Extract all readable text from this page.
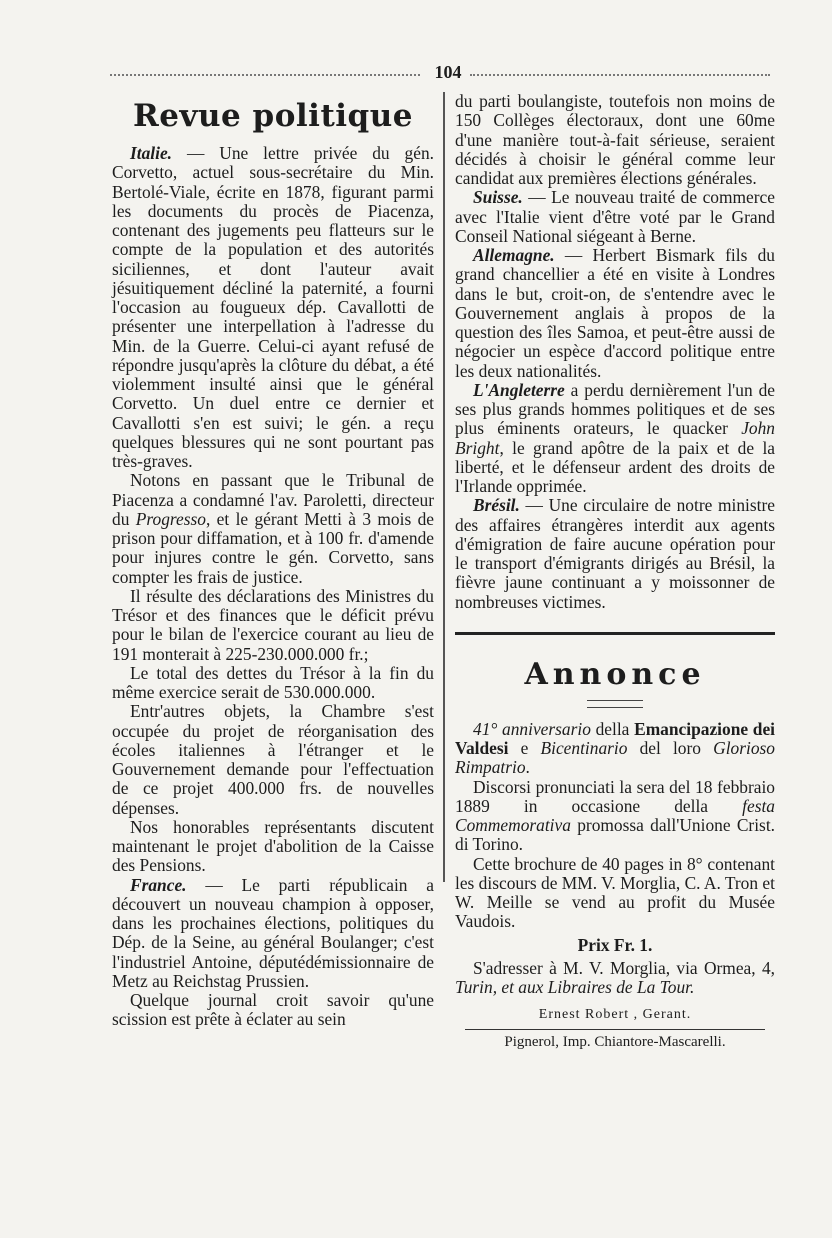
104
Revue politique

Italie. — Une lettre privée du gén. Corvetto, actuel sous-secrétaire du Min. Bertolé-Viale, écrite en 1878, figurant parmi les documents du procès de Piacenza, contenant des jugements peu flatteurs sur le compte de la population et des autorités siciliennes, et dont l'auteur avait jésuitiquement décliné la paternité, a fourni l'occasion au fougueux dép. Cavallotti de présenter une interpellation à l'adresse du Min. de la Guerre. Celui-ci ayant refusé de répondre jusqu'après la clôture du débat, a été violemment insulté ainsi que le général Corvetto. Un duel entre ce dernier et Cavallotti s'en est suivi; le gén. a reçu quelques blessures qui ne sont pourtant pas très-graves.

Notons en passant que le Tribunal de Piacenza a condamné l'av. Paroletti, directeur du Progresso, et le gérant Metti à 3 mois de prison pour diffamation, et à 100 fr. d'amende pour injures contre le gén. Corvetto, sans compter les frais de justice.

Il résulte des déclarations des Ministres du Trésor et des finances que le déficit prévu pour le bilan de l'exercice courant au lieu de 191 monterait à 225-230.000.000 fr.;

Le total des dettes du Trésor à la fin du même exercice serait de 530.000.000.

Entr'autres objets, la Chambre s'est occupée du projet de réorganisation des écoles italiennes à l'étranger et le Gouvernement demande pour l'effectuation de ce projet 400.000 frs. de nouvelles dépenses.

Nos honorables représentants discutent maintenant le projet d'abolition de la Caisse des Pensions.

France. — Le parti républicain a découvert un nouveau champion à opposer, dans les prochaines élections, politiques du Dép. de la Seine, au général Boulanger; c'est l'industriel Antoine, députédémissionnaire de Metz au Reichstag Prussien.

Quelque journal croit savoir qu'une scission est prête à éclater au sein

du parti boulangiste, toutefois non moins de 150 Collèges électoraux, dont une 60me d'une manière tout-à-fait sérieuse, seraient décidés à choisir le général comme leur candidat aux premières élections générales.

Suisse. — Le nouveau traité de commerce avec l'Italie vient d'être voté par le Grand Conseil National siégeant à Berne.

Allemagne. — Herbert Bismark fils du grand chancellier a été en visite à Londres dans le but, croit-on, de s'entendre avec le Gouvernement anglais à propos de la question des îles Samoa, et peut-être aussi de négocier un espèce d'accord politique entre les deux nationalités.

L'Angleterre a perdu dernièrement l'un de ses plus grands hommes politiques et de ses plus éminents orateurs, le quacker John Bright, le grand apôtre de la paix et de la liberté, et le défenseur ardent des droits de l'Irlande opprimée.

Brésil. — Une circulaire de notre ministre des affaires étrangères interdit aux agents d'émigration de faire aucune opération pour le transport d'émigrants dirigés au Brésil, la fièvre jaune continuant a y moissonner de nombreuses victimes.

Annonce

41° anniversario della Emancipazione dei Valdesi e Bicentinario del loro Glorioso Rimpatrio.

Discorsi pronunciati la sera del 18 febbraio 1889 in occasione della festa Commemorativa promossa dall'Unione Crist. di Torino.

Cette brochure de 40 pages in 8° contenant les discours de MM. V. Morglia, C. A. Tron et W. Meille se vend au profit du Musée Vaudois.

Prix Fr. 1.

S'adresser à M. V. Morglia, via Ormea, 4, Turin, et aux Libraires de La Tour.

Ernest Robert , Gerant.
Pignerol, Imp. Chiantore-Mascarelli.
